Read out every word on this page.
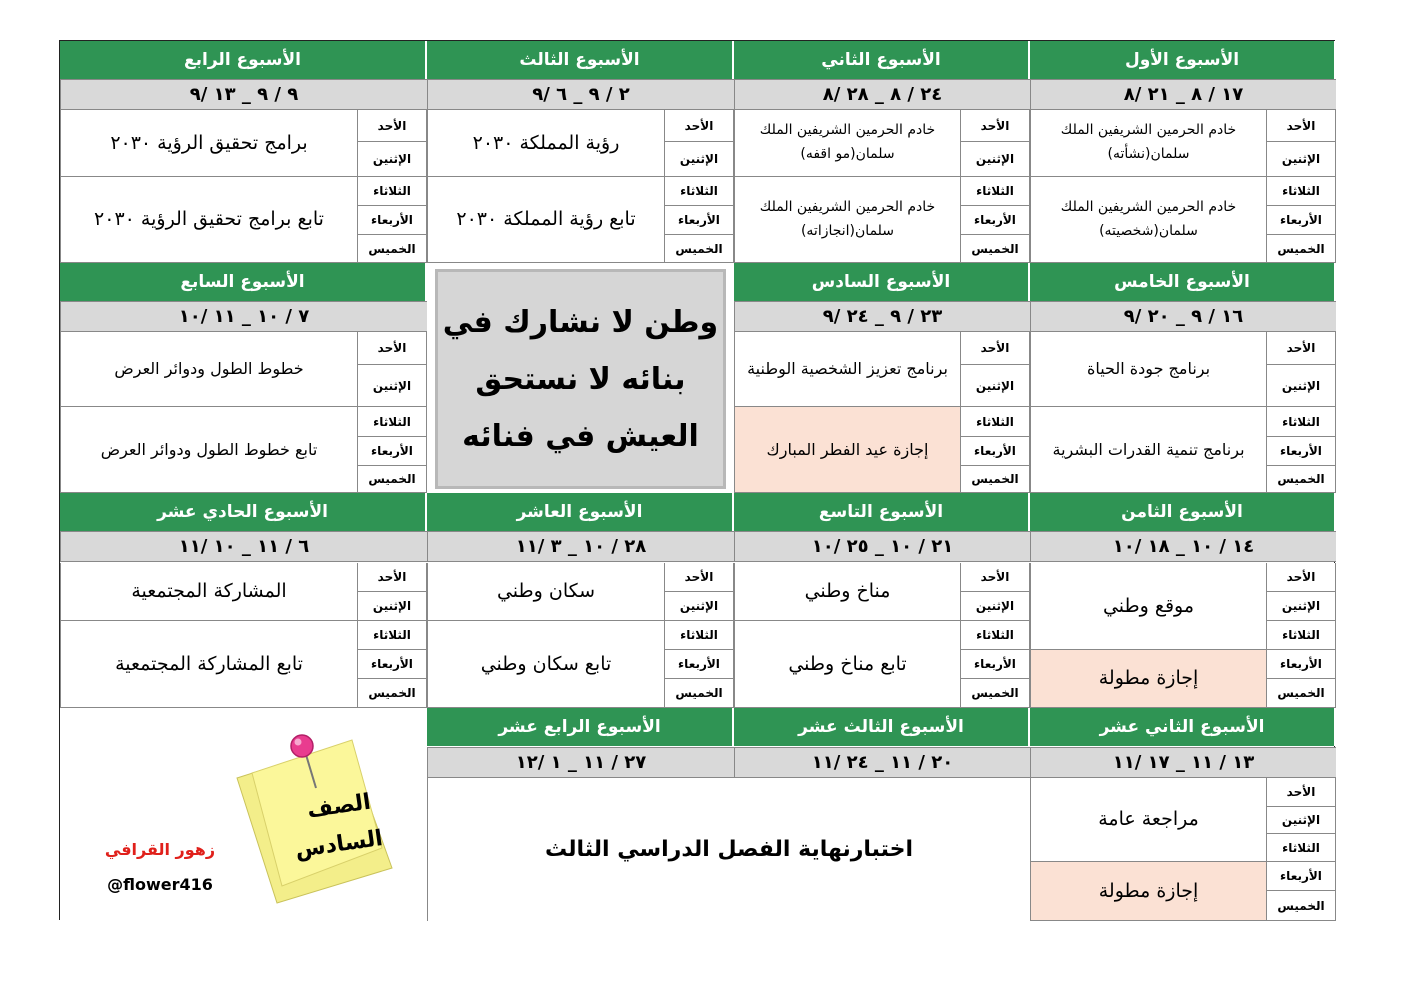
الأسبوع الأول
١٧ / ٨ _ ٢١ /٨
الأحد
الإثنين
الثلاثاء
الأربعاء
الخميس
خادم الحرمين الشريفين الملك سلمان(نشأته)
خادم الحرمين الشريفين الملك سلمان(شخصيته)
الأسبوع الثاني
٢٤ / ٨ _ ٢٨ /٨
الأحد
الإثنين
الثلاثاء
الأربعاء
الخميس
خادم الحرمين الشريفين الملك سلمان(مو اقفه)
خادم الحرمين الشريفين الملك سلمان(انجازاته)
الأسبوع الثالث
٢ / ٩ _ ٦ /٩
الأحد
الإثنين
الثلاثاء
الأربعاء
الخميس
رؤية المملكة ٢٠٣٠
تابع رؤية المملكة ٢٠٣٠
الأسبوع الرابع
٩ / ٩ _ ١٣ /٩
الأحد
الإثنين
الثلاثاء
الأربعاء
الخميس
برامج تحقيق الرؤية ٢٠٣٠
تابع برامج تحقيق الرؤية ٢٠٣٠
الأسبوع الخامس
١٦ / ٩ _ ٢٠ /٩
الأحد
الإثنين
الثلاثاء
الأربعاء
الخميس
برنامج جودة الحياة
برنامج تنمية القدرات البشرية
الأسبوع السادس
٢٣ / ٩ _ ٢٤ /٩
الأحد
الإثنين
الثلاثاء
الأربعاء
الخميس
برنامج تعزيز الشخصية الوطنية
إجازة عيد الفطر المبارك
الأسبوع السابع
٧ / ١٠ _ ١١ /١٠
الأحد
الإثنين
الثلاثاء
الأربعاء
الخميس
خطوط الطول ودوائر العرض
تابع خطوط الطول ودوائر العرض
الأسبوع الثامن
١٤ / ١٠ _ ١٨ /١٠
الأحد
الإثنين
الثلاثاء
الأربعاء
الخميس
موقع وطني
إجازة مطولة
الأسبوع التاسع
٢١ / ١٠ _ ٢٥ /١٠
الأحد
الإثنين
الثلاثاء
الأربعاء
الخميس
مناخ وطني
تابع مناخ وطني
الأسبوع العاشر
٢٨ / ١٠ _ ٣ /١١
الأحد
الإثنين
الثلاثاء
الأربعاء
الخميس
سكان وطني
تابع سكان وطني
الأسبوع الحادي عشر
٦ / ١١ _ ١٠ /١١
الأحد
الإثنين
الثلاثاء
الأربعاء
الخميس
المشاركة المجتمعية
تابع المشاركة المجتمعية
الأسبوع الثاني عشر
١٣ / ١١ _ ١٧ /١١
الأحد
الإثنين
الثلاثاء
الأربعاء
الخميس
مراجعة عامة
إجازة مطولة
الأسبوع الثالث عشر
٢٠ / ١١ _ ٢٤ /١١
الأسبوع الرابع عشر
٢٧ / ١١ _ ١ /١٢
وطن لا نشارك في بنائه لا نستحق العيش في فنائه
اختبارنهاية الفصل الدراسي الثالث
الصف
السادس
زهور القرافي
@flower416
